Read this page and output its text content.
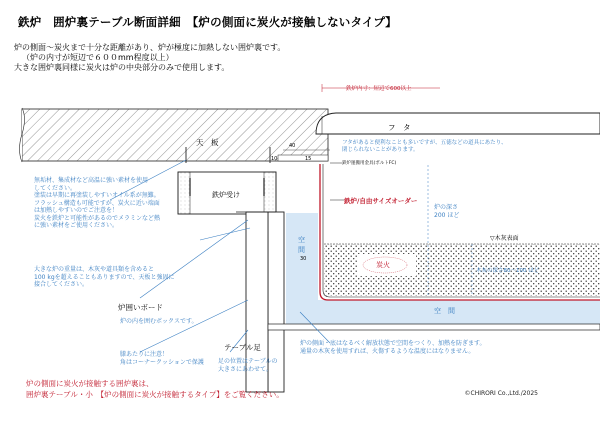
鉄炉　囲炉裏テーブル断面詳細　【炉の側面に炭火が接触しないタイプ】
炉の側面～炭火まで十分な距離があり、炉が極度に加熱しない囲炉裏です。
（炉の内寸が短辺で６００mm程度以上）
大きな囲炉裏同様に炭火は炉の中央部分のみで使用します。
天　板
フ　タ
鉄炉受け
鉄炉/自由サイズオーダー
鉄炉内寸：短辺で600以上
鉄炉運搬用金具(ボルトFC)
空
間
空　間
炭火
▽木灰表面
炉の深さ
200 ほど
木灰の深さ80～100 ほど
40
10	15
30
炉囲いボード
テーブル足
フタがあると便利なことも多いですが、五徳などの道具にあたり、
閉じられないことがあります。
無垢材、集成材など高温に強い素材を使用
してください。
塗装は早期に再塗装しやすいオイル系が無難。
フラッシュ構造も可能ですが、炭火に近い端面
は加熱しやすいのでご注意を！
炭火を鉄炉と可能性があるのでメラミンなど熱
に強い素材をご使用ください。
大きな炉の重量は、木灰や道具類を含めると
100 kgを超えることもありますので、天板と強固に
接合してください。
炉の内を囲むボックスです。
膝あたりに注意！
角はコーナークッションで保護 足の位置はテーブルの
大きさにあわせて。
炉の側面・底はなるべく解放状態で空間をつくり、加熱を防ぎます。
通量の木灰を使用すれば、火傷するような温度にはなりません。
炉の側面に炭火が接触する囲炉裏は、
囲炉裏テーブル・小　【炉の側面に炭火が接触するタイプ】をご覧ください。	©CHIRORI Co.,Ltd./2025
